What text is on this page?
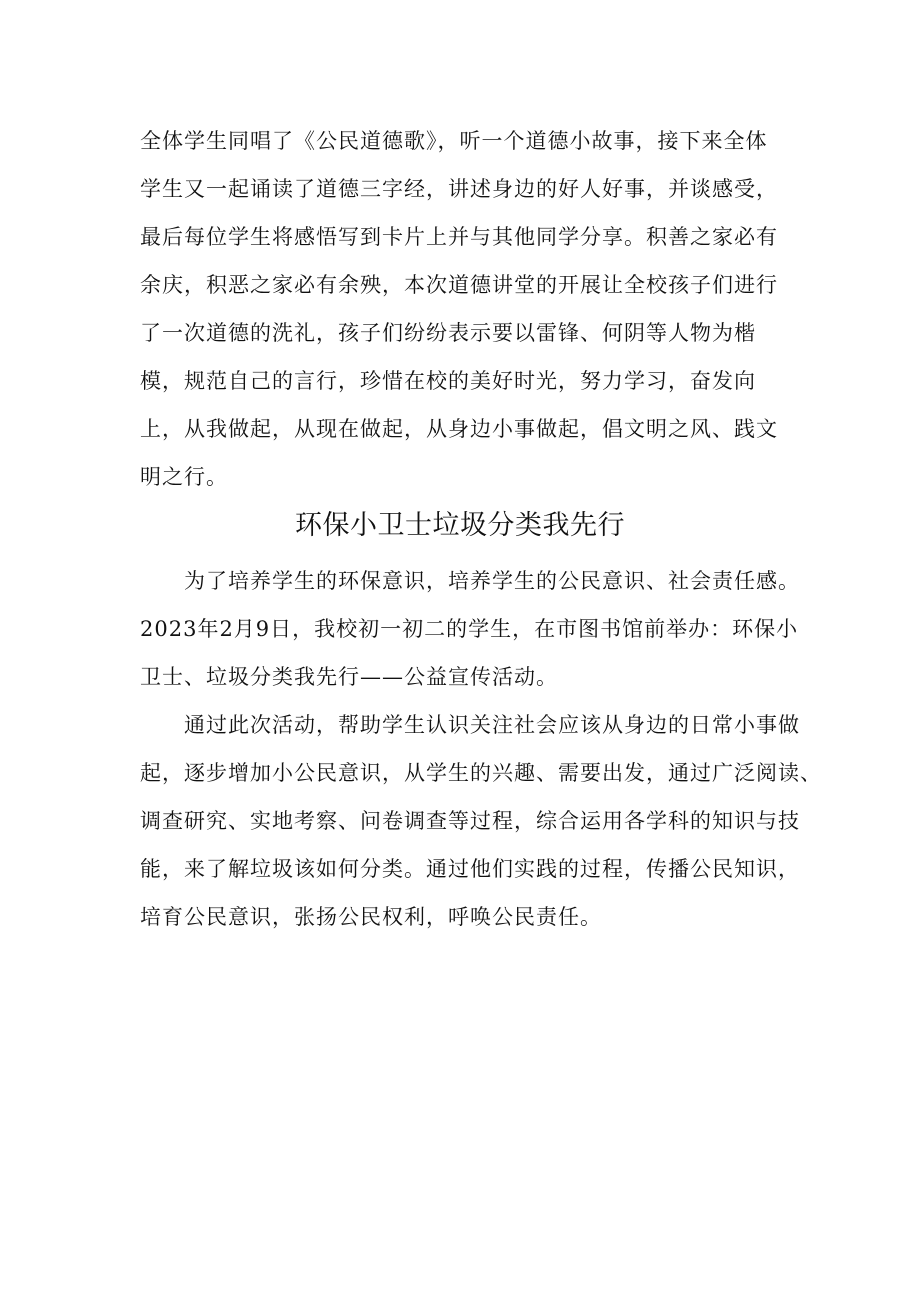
全体学生同唱了《公民道德歌》，听一个道德小故事，接下来全体
学生又一起诵读了道德三字经，讲述身边的好人好事，并谈感受，
最后每位学生将感悟写到卡片上并与其他同学分享。积善之家必有
余庆，积恶之家必有余殃，本次道德讲堂的开展让全校孩子们进行
了一次道德的洗礼，孩子们纷纷表示要以雷锋、何阴等人物为楷
模，规范自己的言行，珍惜在校的美好时光，努力学习，奋发向
上，从我做起，从现在做起，从身边小事做起，倡文明之风、践文
明之行。
环保小卫士垃圾分类我先行
为了培养学生的环保意识，培养学生的公民意识、社会责任感。
2023年2月9日，我校初一初二的学生，在市图书馆前举办：环保小
卫士、垃圾分类我先行——公益宣传活动。
通过此次活动，帮助学生认识关注社会应该从身边的日常小事做
起，逐步增加小公民意识，从学生的兴趣、需要出发，通过广泛阅读、
调查研究、实地考察、问卷调查等过程，综合运用各学科的知识与技
能，来了解垃圾该如何分类。通过他们实践的过程，传播公民知识，
培育公民意识，张扬公民权利，呼唤公民责任。
